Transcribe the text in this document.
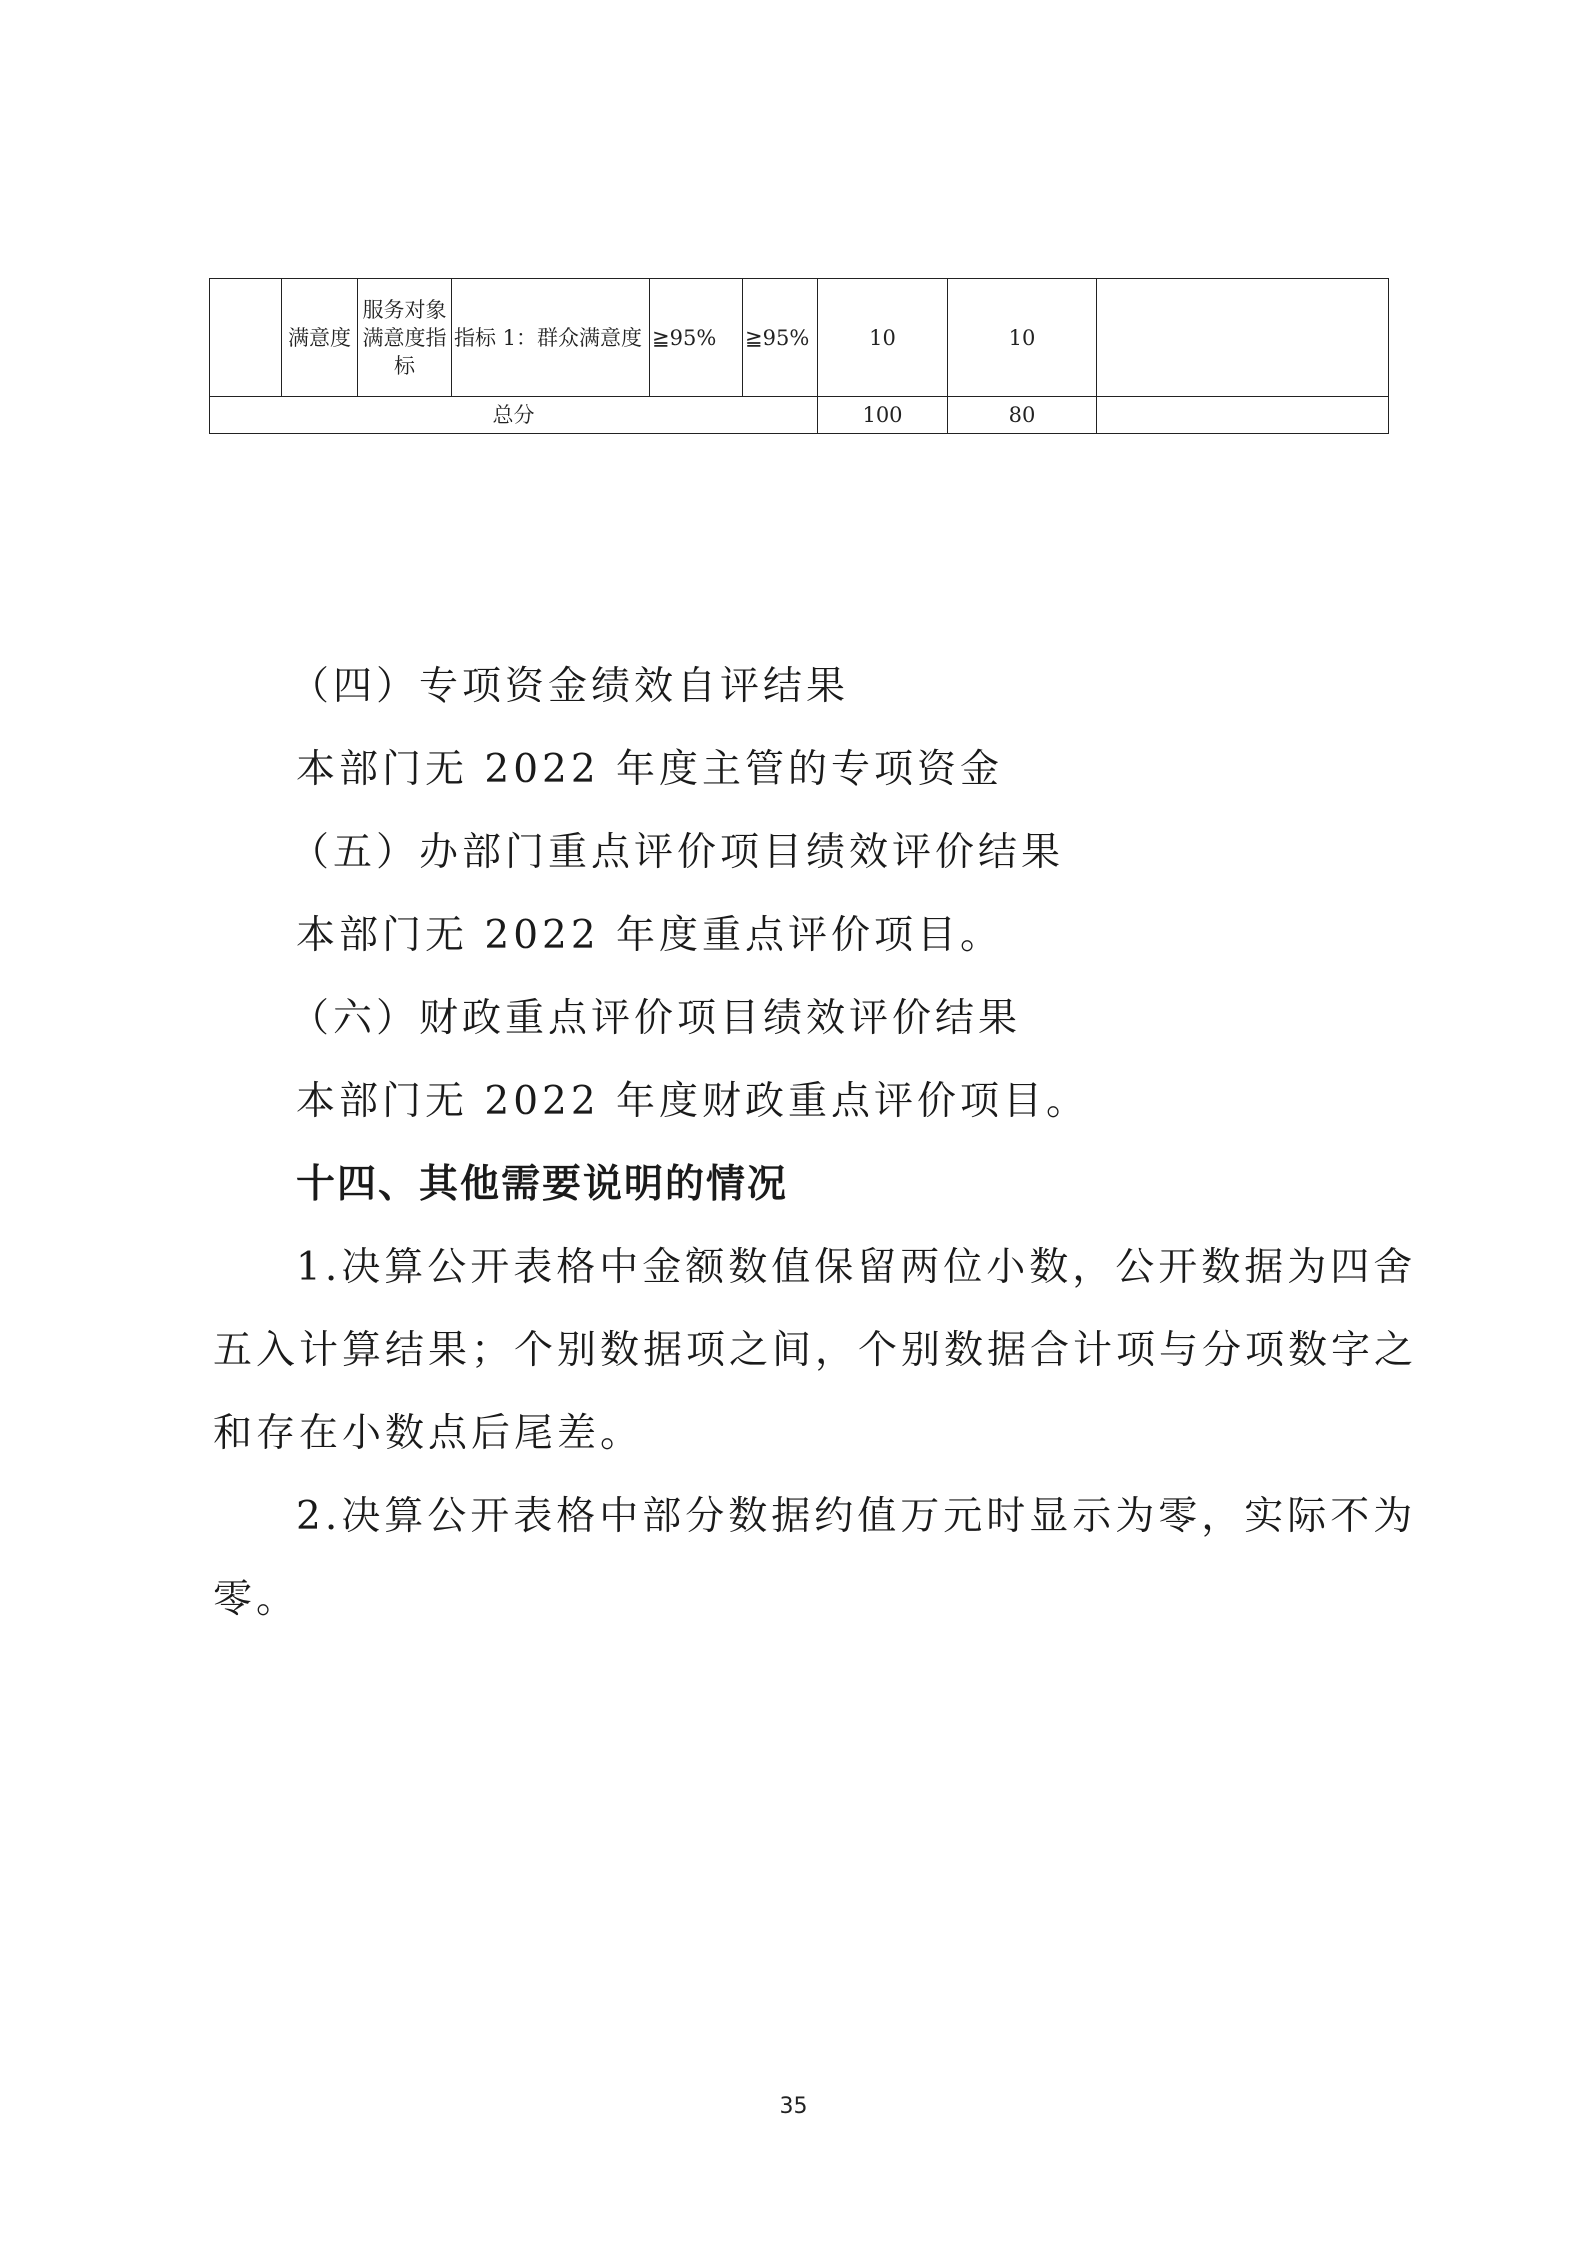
	满意度	服务对象满意度指标	指标 1：群众满意度	≧95%	≧95%	10	10	
总分						100	80	

（四）专项资金绩效自评结果

本部门无 2022 年度主管的专项资金

（五）办部门重点评价项目绩效评价结果

本部门无 2022 年度重点评价项目。

（六）财政重点评价项目绩效评价结果

本部门无 2022 年度财政重点评价项目。

十四、其他需要说明的情况

1.决算公开表格中金额数值保留两位小数，公开数据为四舍

五入计算结果；个别数据项之间，个别数据合计项与分项数字之

和存在小数点后尾差。

2.决算公开表格中部分数据约值万元时显示为零，实际不为

零。

35
